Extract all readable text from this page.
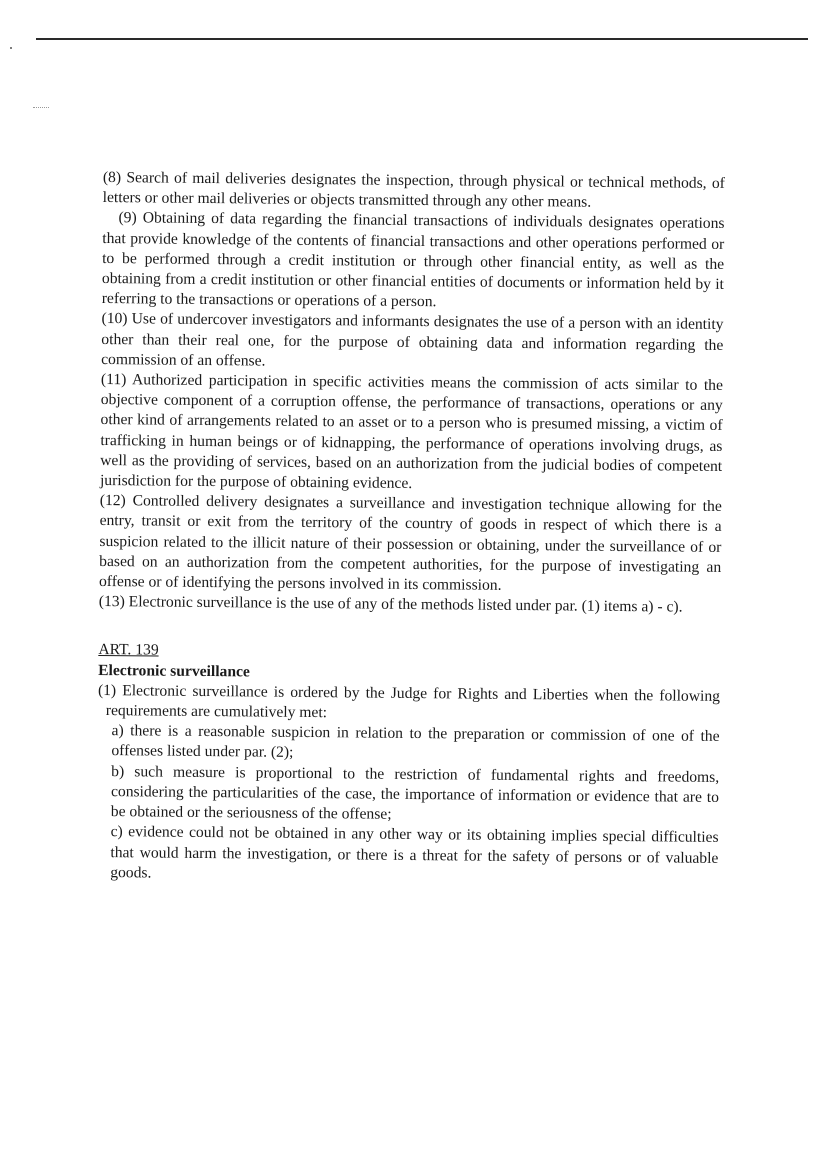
(8) Search of mail deliveries designates the inspection, through physical or technical methods, of letters or other mail deliveries or objects transmitted through any other means.

(9) Obtaining of data regarding the financial transactions of individuals designates operations that provide knowledge of the contents of financial transactions and other operations performed or to be performed through a credit institution or through other financial entity, as well as the obtaining from a credit institution or other financial entities of documents or information held by it referring to the transactions or operations of a person.

(10) Use of undercover investigators and informants designates the use of a person with an identity other than their real one, for the purpose of obtaining data and information regarding the commission of an offense.

(11) Authorized participation in specific activities means the commission of acts similar to the objective component of a corruption offense, the performance of transactions, operations or any other kind of arrangements related to an asset or to a person who is presumed missing, a victim of trafficking in human beings or of kidnapping, the performance of operations involving drugs, as well as the providing of services, based on an authorization from the judicial bodies of competent jurisdiction for the purpose of obtaining evidence.

(12) Controlled delivery designates a surveillance and investigation technique allowing for the entry, transit or exit from the territory of the country of goods in respect of which there is a suspicion related to the illicit nature of their possession or obtaining, under the surveillance of or based on an authorization from the competent authorities, for the purpose of investigating an offense or of identifying the persons involved in its commission.

(13) Electronic surveillance is the use of any of the methods listed under par. (1) items a) - c).

ART. 139

Electronic surveillance

(1) Electronic surveillance is ordered by the Judge for Rights and Liberties when the following requirements are cumulatively met:

a) there is a reasonable suspicion in relation to the preparation or commission of one of the offenses listed under par. (2);

b) such measure is proportional to the restriction of fundamental rights and freedoms, considering the particularities of the case, the importance of information or evidence that are to be obtained or the seriousness of the offense;

c) evidence could not be obtained in any other way or its obtaining implies special difficulties that would harm the investigation, or there is a threat for the safety of persons or of valuable goods.
